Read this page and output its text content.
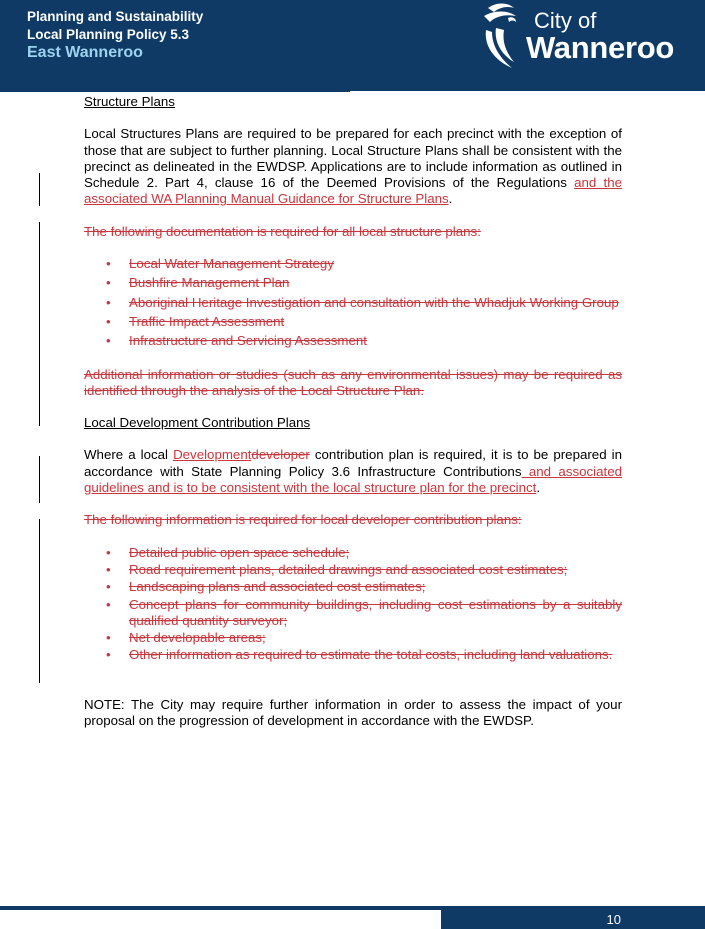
Planning and Sustainability
Local Planning Policy 5.3
East Wanneroo
City of
Wanneroo

Structure Plans

Local Structures Plans are required to be prepared for each precinct with the exception of those that are subject to further planning. Local Structure Plans shall be consistent with the precinct as delineated in the EWDSP. Applications are to include information as outlined in Schedule 2. Part 4, clause 16 of the Deemed Provisions of the Regulations and the associated WA Planning Manual Guidance for Structure Plans.

The following documentation is required for all local structure plans:

• Local Water Management Strategy
• Bushfire Management Plan
• Aboriginal Heritage Investigation and consultation with the Whadjuk Working Group
• Traffic Impact Assessment
• Infrastructure and Servicing Assessment

Additional information or studies (such as any environmental issues) may be required as identified through the analysis of the Local Structure Plan.

Local Development Contribution Plans

Where a local Developmentdeveloper contribution plan is required, it is to be prepared in accordance with State Planning Policy 3.6 Infrastructure Contributions and associated guidelines and is to be consistent with the local structure plan for the precinct.

The following information is required for local developer contribution plans:

• Detailed public open space schedule;
• Road requirement plans, detailed drawings and associated cost estimates;
• Landscaping plans and associated cost estimates;
• Concept plans for community buildings, including cost estimations by a suitably qualified quantity surveyor;
• Net developable areas;
• Other information as required to estimate the total costs, including land valuations.

NOTE: The City may require further information in order to assess the impact of your proposal on the progression of development in accordance with the EWDSP.

10
